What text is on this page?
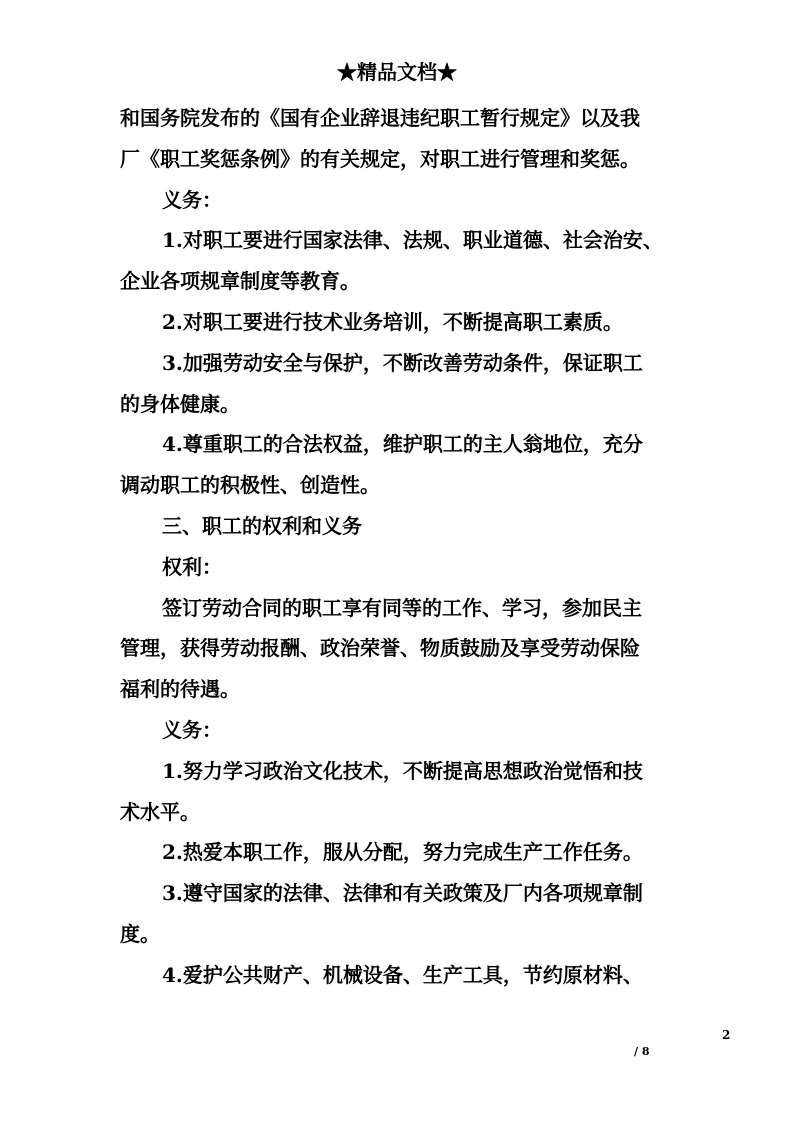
★精品文档★
和国务院发布的《国有企业辞退违纪职工暂行规定》以及我
厂《职工奖惩条例》的有关规定，对职工进行管理和奖惩。
义务：
1.对职工要进行国家法律、法规、职业道德、社会治安、
企业各项规章制度等教育。
2.对职工要进行技术业务培训，不断提高职工素质。
3.加强劳动安全与保护，不断改善劳动条件，保证职工
的身体健康。
4.尊重职工的合法权益，维护职工的主人翁地位，充分
调动职工的积极性、创造性。
三、职工的权利和义务
权利：
签订劳动合同的职工享有同等的工作、学习，参加民主
管理，获得劳动报酬、政治荣誉、物质鼓励及享受劳动保险
福利的待遇。
义务：
1.努力学习政治文化技术，不断提高思想政治觉悟和技
术水平。
2.热爱本职工作，服从分配，努力完成生产工作任务。
3.遵守国家的法律、法律和有关政策及厂内各项规章制
度。
4.爱护公共财产、机械设备、生产工具，节约原材料、
2
/ 8
